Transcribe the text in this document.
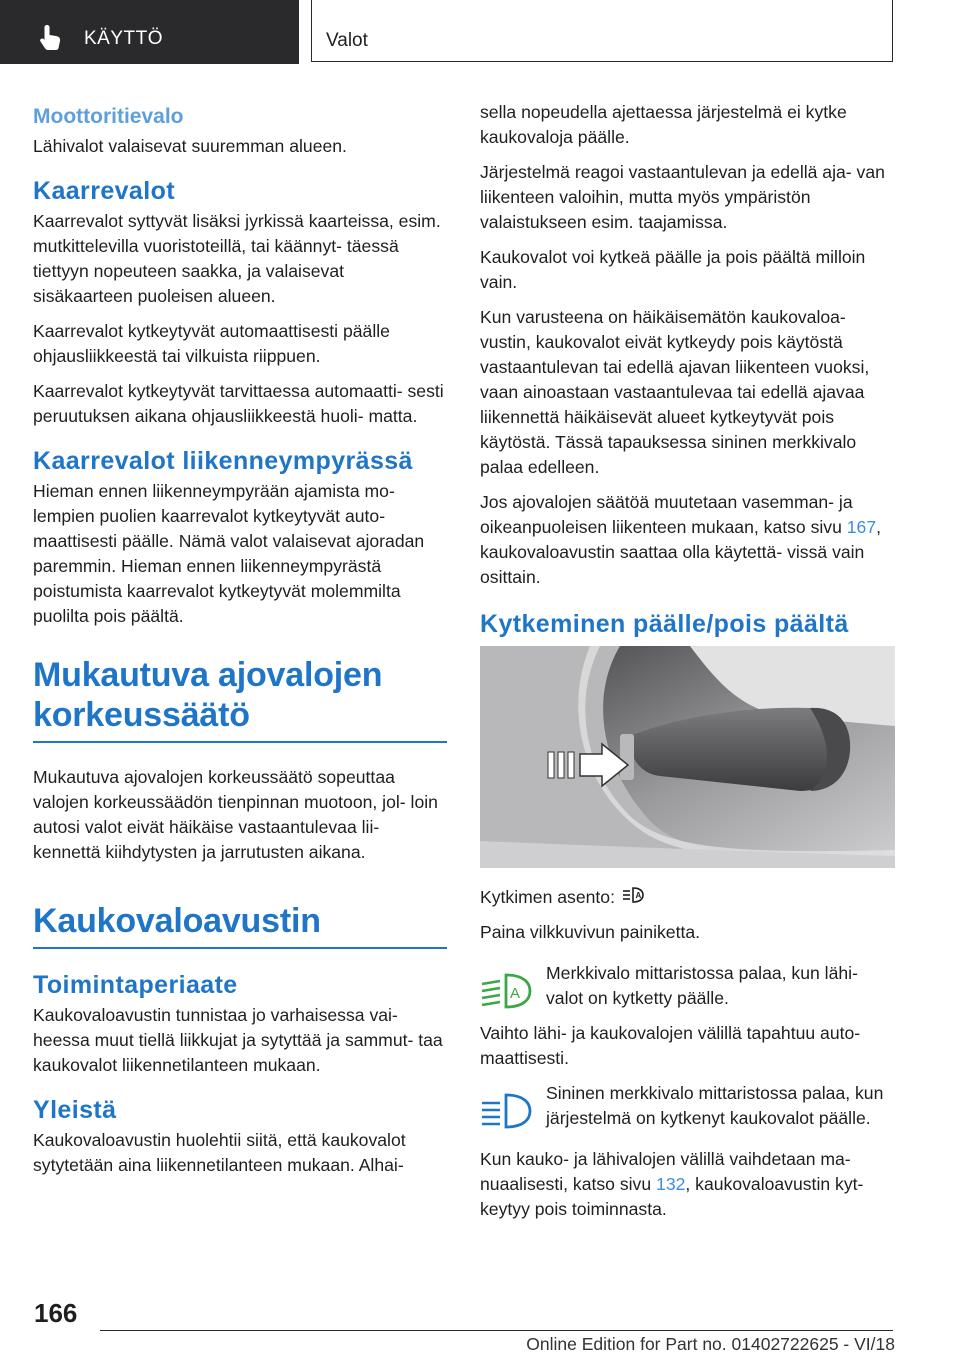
KÄYTTÖ	Valot
Moottoritievalo

Lähivalot valaisevat suuremman alueen.

Kaarrevalot

Kaarrevalot syttyvät lisäksi jyrkissä kaarteissa, esim. mutkittelevilla vuoristoteillä, tai käännyt‐ täessä tiettyyn nopeuteen saakka, ja valaisevat sisäkaarteen puoleisen alueen.

Kaarrevalot kytkeytyvät automaattisesti päälle ohjausliikkeestä tai vilkuista riippuen.

Kaarrevalot kytkeytyvät tarvittaessa automaatti‐ sesti peruutuksen aikana ohjausliikkeestä huoli‐ matta.

Kaarrevalot liikenneympyrässä

Hieman ennen liikenneympyrään ajamista mo‐ lempien puolien kaarrevalot kytkeytyvät auto‐ maattisesti päälle. Nämä valot valaisevat ajoradan paremmin. Hieman ennen liikenneympyrästä poistumista kaarrevalot kytkeytyvät molemmilta puolilta pois päältä.

Mukautuva ajovalojen korkeussäätö

Mukautuva ajovalojen korkeussäätö sopeuttaa valojen korkeussäädön tienpinnan muotoon, jol‐ loin autosi valot eivät häikäise vastaantulevaa lii‐ kennettä kiihdytysten ja jarrutusten aikana.

Kaukovaloavustin
Toimintaperiaate

Kaukovaloavustin tunnistaa jo varhaisessa vai‐ heessa muut tiellä liikkujat ja sytyttää ja sammut‐ taa kaukovalot liikennetilanteen mukaan.

Yleistä

Kaukovaloavustin huolehtii siitä, että kaukovalot sytytetään aina liikennetilanteen mukaan. Alhai‐

sella nopeudella ajettaessa järjestelmä ei kytke kaukovaloja päälle.

Järjestelmä reagoi vastaantulevan ja edellä aja‐ van liikenteen valoihin, mutta myös ympäristön valaistukseen esim. taajamissa.

Kaukovalot voi kytkeä päälle ja pois päältä milloin vain.

Kun varusteena on häikäisemätön kaukovaloa‐ vustin, kaukovalot eivät kytkeydy pois käytöstä vastaantulevan tai edellä ajavan liikenteen vuoksi, vaan ainoastaan vastaantulevaa tai edellä ajavaa liikennettä häikäisevät alueet kytkeytyvät pois käytöstä. Tässä tapauksessa sininen merkkivalo palaa edelleen.

Jos ajovalojen säätöä muutetaan vasemman- ja oikeanpuoleisen liikenteen mukaan, katso sivu 167, kaukovaloavustin saattaa olla käytettä‐ vissä vain osittain.

Kytkeminen päälle/pois päältä

Kytkimen asento:	A

Paina vilkkuvivun painiketta.

A

Merkkivalo mittaristossa palaa, kun lähi‐ valot on kytketty päälle.

Vaihto lähi- ja kaukovalojen välillä tapahtuu auto‐ maattisesti.

Sininen merkkivalo mittaristossa palaa, kun järjestelmä on kytkenyt kaukovalot päälle.

Kun kauko- ja lähivalojen välillä vaihdetaan ma‐ nuaalisesti, katso sivu 132, kaukovaloavustin kyt‐ keytyy pois toiminnasta.

166
Online Edition for Part no. 01402722625 - VI/18
